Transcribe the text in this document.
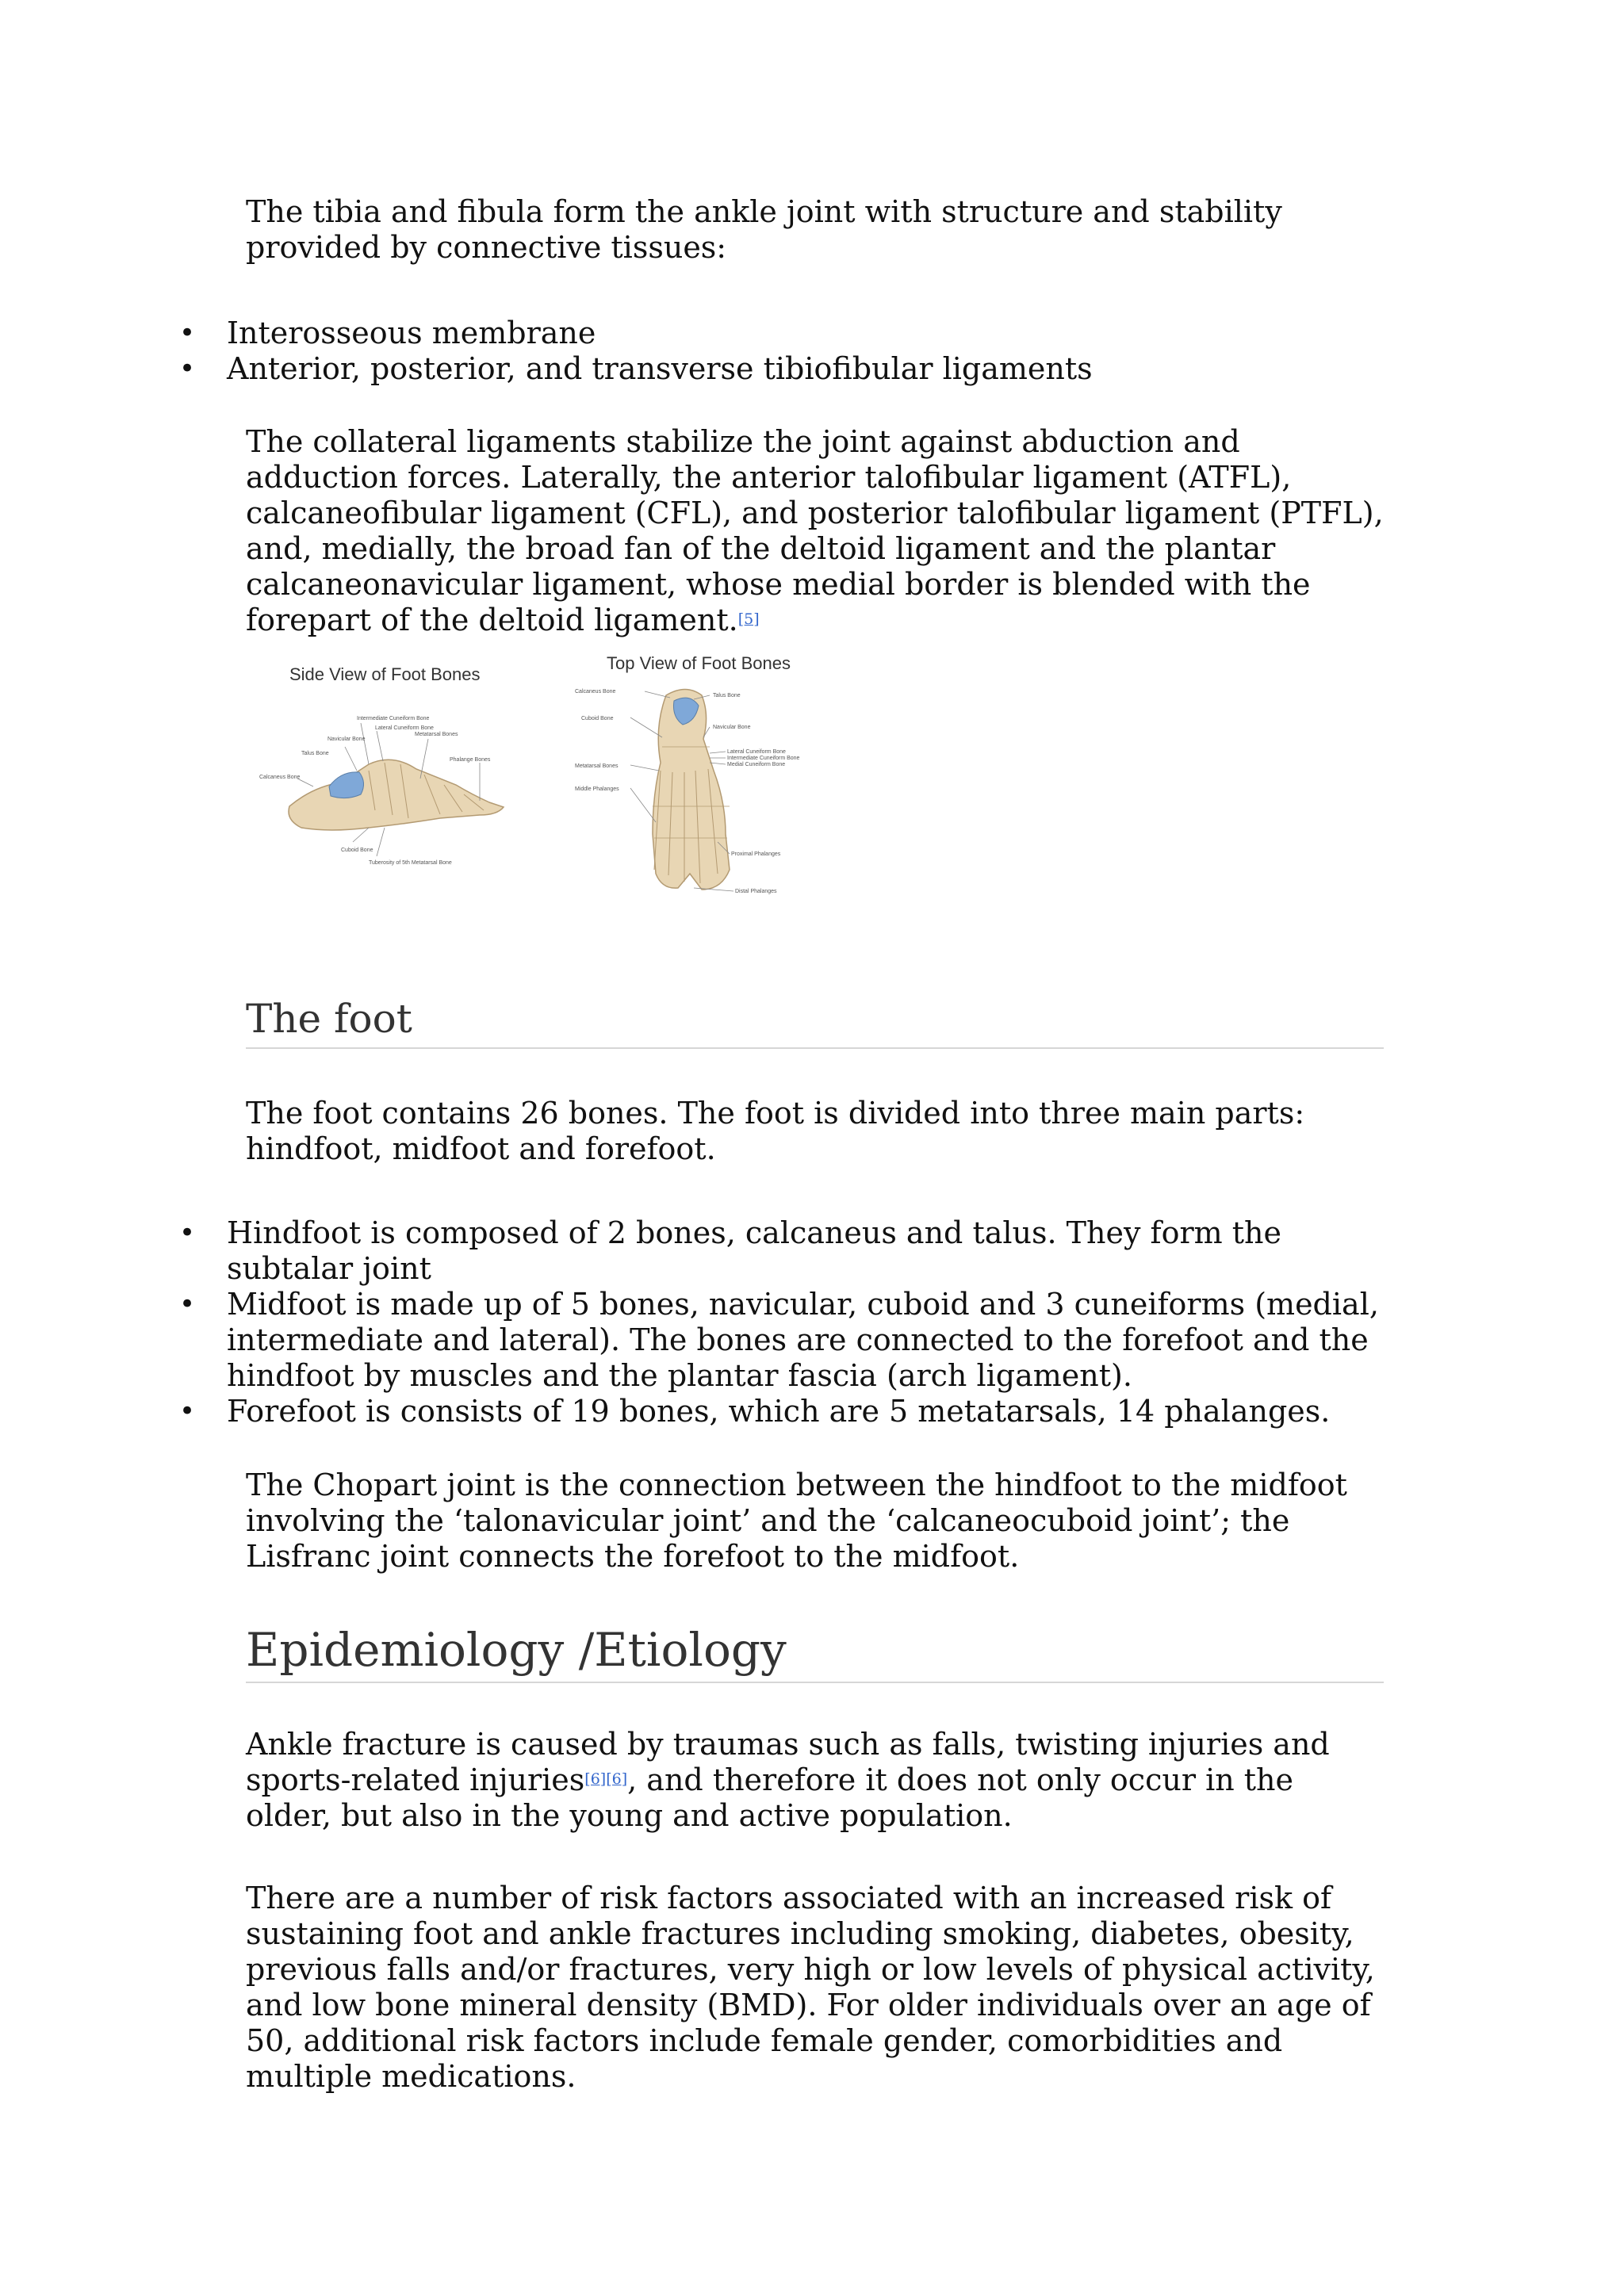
The tibia and fibula form the ankle joint with structure and stability provided by connective tissues:

• Interosseous membrane
• Anterior, posterior, and transverse tibiofibular ligaments

The collateral ligaments stabilize the joint against abduction and adduction forces. Laterally, the anterior talofibular ligament (ATFL), calcaneofibular ligament (CFL), and posterior talofibular ligament (PTFL), and, medially, the broad fan of the deltoid ligament and the plantar calcaneonavicular ligament, whose medial border is blended with the forepart of the deltoid ligament.[5]

Side View of Foot Bones
Intermediate Cuneiform Bone
Lateral Cuneiform Bone
Navicular Bone
Talus Bone
Metatarsal Bones
Calcaneus Bone
Phalange Bones
Cuboid Bone
Tuberosity of 5th Metatarsal Bone
Top View of Foot Bones
Calcaneus Bone
Cuboid Bone
Metatarsal Bones
Middle Phalanges
Talus Bone
Navicular Bone
Lateral Cuneiform Bone
Intermediate Cuneiform Bone
Medial Cuneiform Bone
Proximal Phalanges
Distal Phalanges
The foot

The foot contains 26 bones. The foot is divided into three main parts: hindfoot, midfoot and forefoot.

• Hindfoot is composed of 2 bones, calcaneus and talus. They form the subtalar joint
• Midfoot is made up of 5 bones, navicular, cuboid and 3 cuneiforms (medial, intermediate and lateral). The bones are connected to the forefoot and the hindfoot by muscles and the plantar fascia (arch ligament).
• Forefoot is consists of 19 bones, which are 5 metatarsals, 14 phalanges.

The Chopart joint is the connection between the hindfoot to the midfoot involving the ‘talonavicular joint’ and the ‘calcaneocuboid joint’; the Lisfranc joint connects the forefoot to the midfoot.

Epidemiology /Etiology

Ankle fracture is caused by traumas such as falls, twisting injuries and sports-related injuries[6][6], and therefore it does not only occur in the older, but also in the young and active population.

There are a number of risk factors associated with an increased risk of sustaining foot and ankle fractures including smoking, diabetes, obesity, previous falls and/or fractures, very high or low levels of physical activity, and low bone mineral density (BMD). For older individuals over an age of 50, additional risk factors include female gender, comorbidities and multiple medications.
